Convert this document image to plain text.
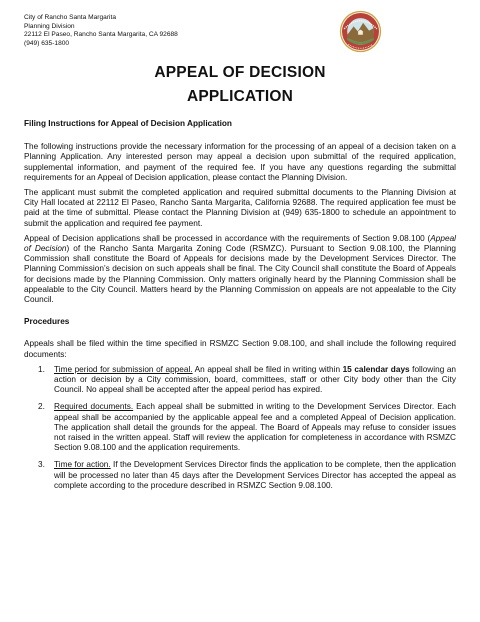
City of Rancho Santa Margarita
Planning Division
22112 El Paseo, Rancho Santa Margarita, CA 92688
(949) 635-1800
APPEAL OF DECISION
APPLICATION

Filing Instructions for Appeal of Decision Application

The following instructions provide the necessary information for the processing of an appeal of a decision taken on a Planning Application. Any interested person may appeal a decision upon submittal of the required application, supplemental information, and payment of the required fee. If you have any questions regarding the submittal requirements for an Appeal of Decision application, please contact the Planning Division.

The applicant must submit the completed application and required submittal documents to the Planning Division at City Hall located at 22112 El Paseo, Rancho Santa Margarita, California 92688. The required application fee must be paid at the time of submittal. Please contact the Planning Division at (949) 635-1800 to schedule an appointment to submit the application and required fee payment.

Appeal of Decision applications shall be processed in accordance with the requirements of Section 9.08.100 (Appeal of Decision) of the Rancho Santa Margarita Zoning Code (RSMZC). Pursuant to Section 9.08.100, the Planning Commission shall constitute the Board of Appeals for decisions made by the Development Services Director. The Planning Commission’s decision on such appeals shall be final. The City Council shall constitute the Board of Appeals for decisions made by the Planning Commission. Only matters originally heard by the Planning Commission shall be appealable to the City Council. Matters heard by the Planning Commission on appeals are not appealable to the City Council.

Procedures

Appeals shall be filed within the time specified in RSMZC Section 9.08.100, and shall include the following required documents:

1. Time period for submission of appeal. An appeal shall be filed in writing within 15 calendar days following an action or decision by a City commission, board, committees, staff or other City body other than the City Council. No appeal shall be accepted after the appeal period has expired.
2. Required documents. Each appeal shall be submitted in writing to the Development Services Director. Each appeal shall be accompanied by the applicable appeal fee and a completed Appeal of Decision application. The application shall detail the grounds for the appeal. The Board of Appeals may refuse to consider issues not raised in the written appeal. Staff will review the application for completeness in accordance with RSMZC Section 9.08.100 and the application requirements.
3. Time for action. If the Development Services Director finds the application to be complete, then the application will be processed no later than 45 days after the Development Services Director has accepted the appeal as complete according to the procedure described in RSMZC Section 9.08.100.
